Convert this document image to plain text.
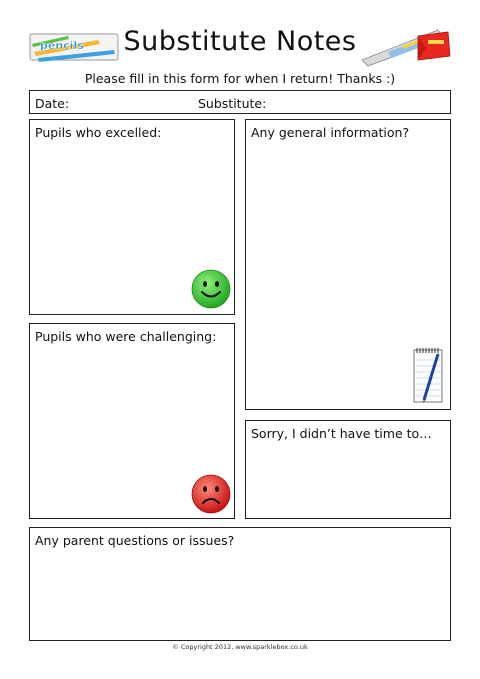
pencils	Substitute Notes
Please fill in this form for when I return! Thanks :)
Date:	Substitute:
Pupils who excelled:	Any general information?
Pupils who were challenging:
Sorry, I didn’t have time to…
Any parent questions or issues?
© Copyright 2012, www.sparklebox.co.uk
